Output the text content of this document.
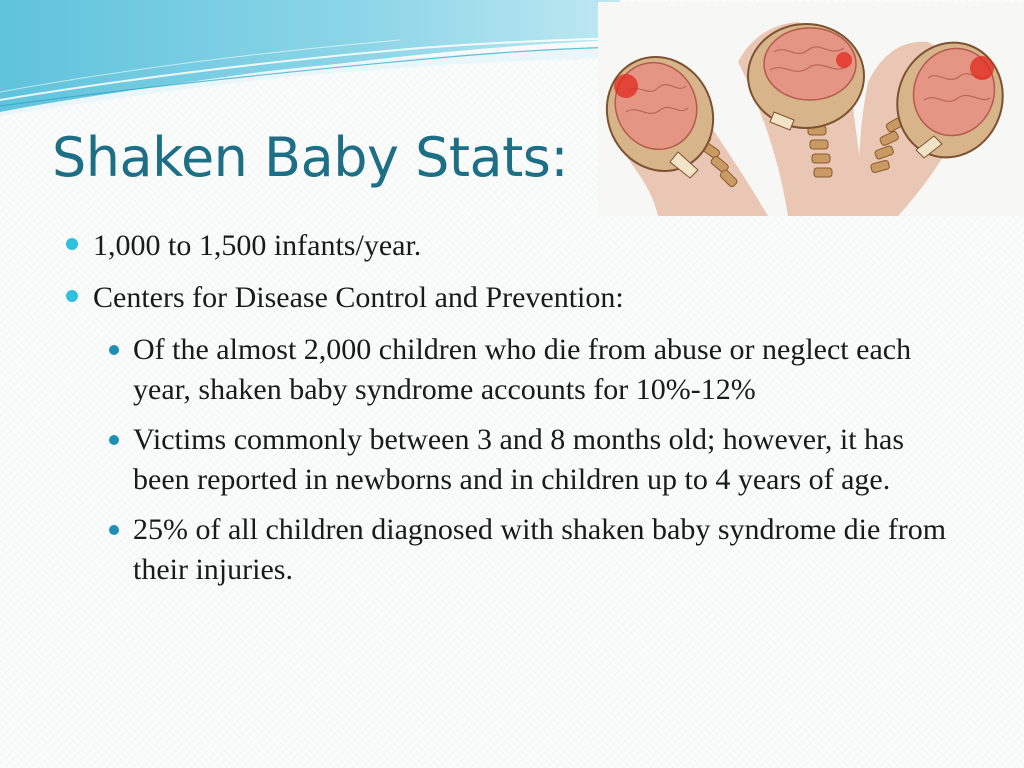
Shaken Baby Stats:
1,000 to 1,500 infants/year.
Centers for Disease Control and Prevention:
Of the almost 2,000 children who die from abuse or neglect each year, shaken baby syndrome accounts for 10%-12%
Victims commonly between 3 and 8 months old; however, it has been reported in newborns and in children up to 4 years of age.
25% of all children diagnosed with shaken baby syndrome die from their injuries.
